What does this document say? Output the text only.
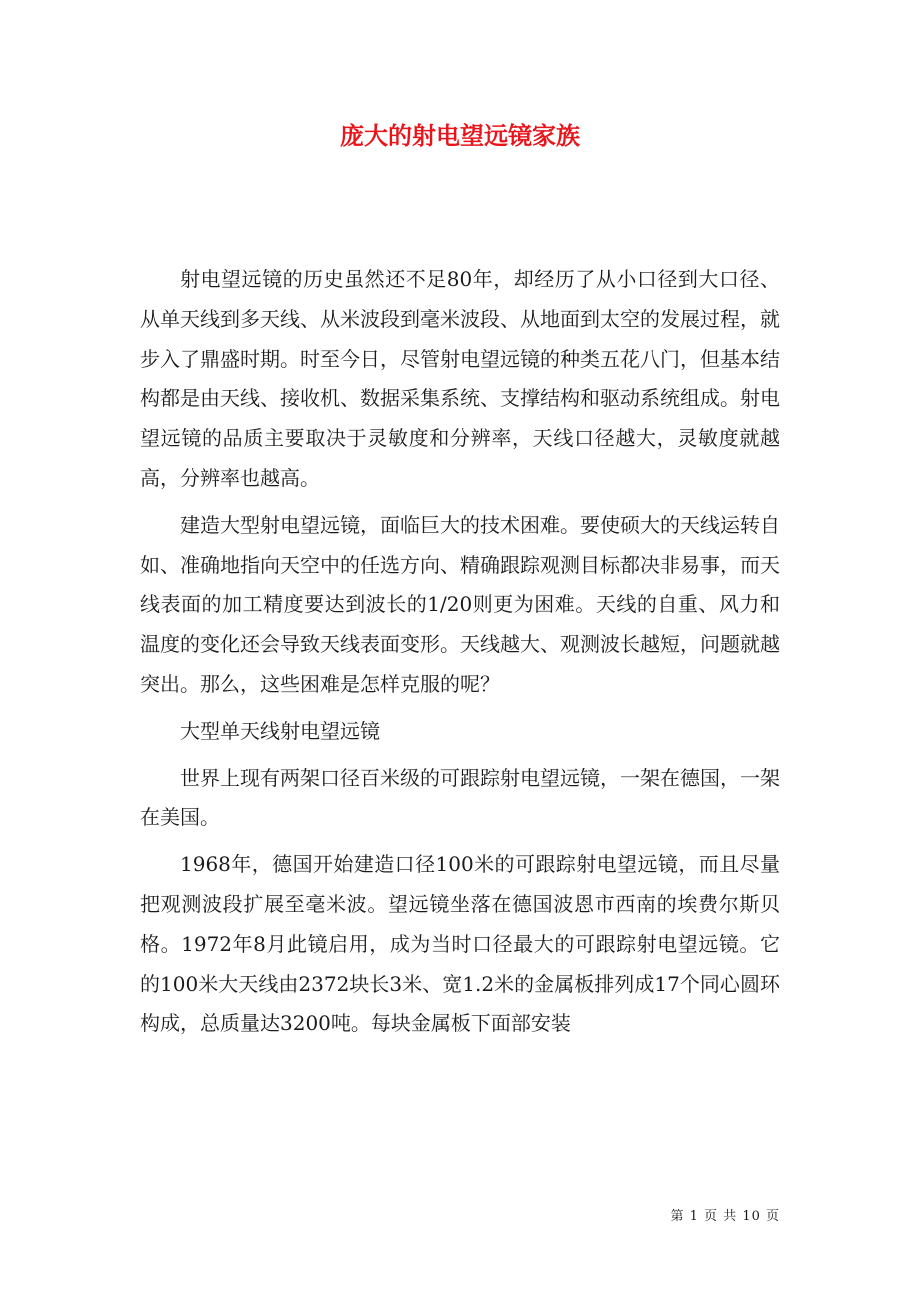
庞大的射电望远镜家族

射电望远镜的历史虽然还不足80年，却经历了从小口径到大口径、从单天线到多天线、从米波段到毫米波段、从地面到太空的发展过程，就步入了鼎盛时期。时至今日，尽管射电望远镜的种类五花八门，但基本结构都是由天线、接收机、数据采集系统、支撑结构和驱动系统组成。射电望远镜的品质主要取决于灵敏度和分辨率，天线口径越大，灵敏度就越高，分辨率也越高。

建造大型射电望远镜，面临巨大的技术困难。要使硕大的天线运转自如、准确地指向天空中的任选方向、精确跟踪观测目标都决非易事，而天线表面的加工精度要达到波长的1/20则更为困难。天线的自重、风力和温度的变化还会导致天线表面变形。天线越大、观测波长越短，问题就越突出。那么，这些困难是怎样克服的呢？

大型单天线射电望远镜

世界上现有两架口径百米级的可跟踪射电望远镜，一架在德国，一架在美国。

1968年，德国开始建造口径100米的可跟踪射电望远镜，而且尽量把观测波段扩展至毫米波。望远镜坐落在德国波恩市西南的埃费尔斯贝格。1972年8月此镜启用，成为当时口径最大的可跟踪射电望远镜。它的100米大天线由2372块长3米、宽1.2米的金属板排列成17个同心圆环构成，总质量达3200吨。每块金属板下面部安装

第 1 页 共 10 页
